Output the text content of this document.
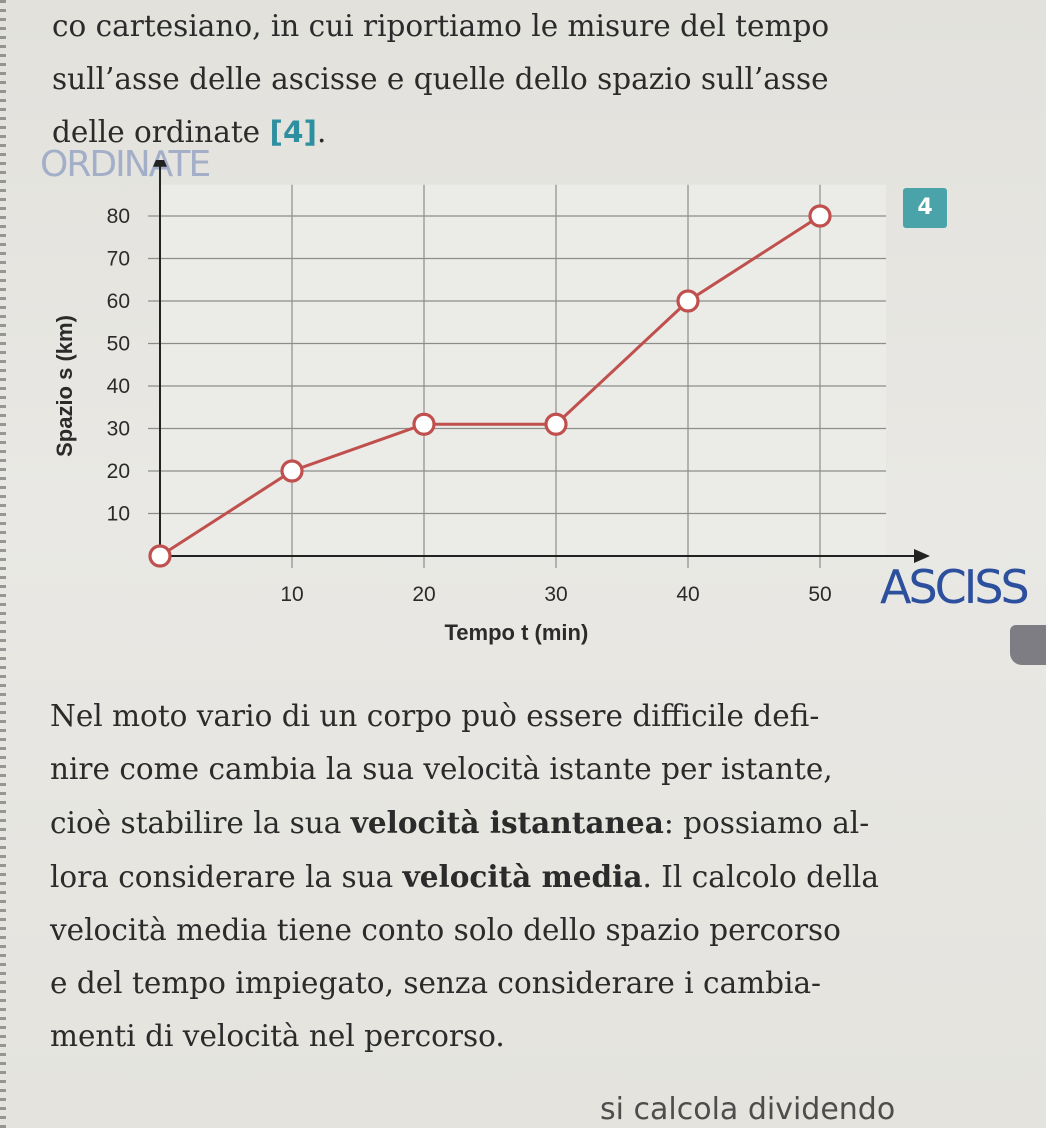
co cartesiano, in cui riportiamo le misure del tempo
sull’asse delle ascisse e quelle dello spazio sull’asse
delle ordinate [4].

ORDINATE
4
10
20
30
40
50
60
70
80
10	20	30	40	50
Tempo t (min)
Spazio s (km)
ASCISS

Nel moto vario di un corpo può essere difficile defi-
nire come cambia la sua velocità istante per istante,
cioè stabilire la sua velocità istantanea: possiamo al-
lora considerare la sua velocità media. Il calcolo della
velocità media tiene conto solo dello spazio percorso
e del tempo impiegato, senza considerare i cambia-
menti di velocità nel percorso.

si calcola dividendo
